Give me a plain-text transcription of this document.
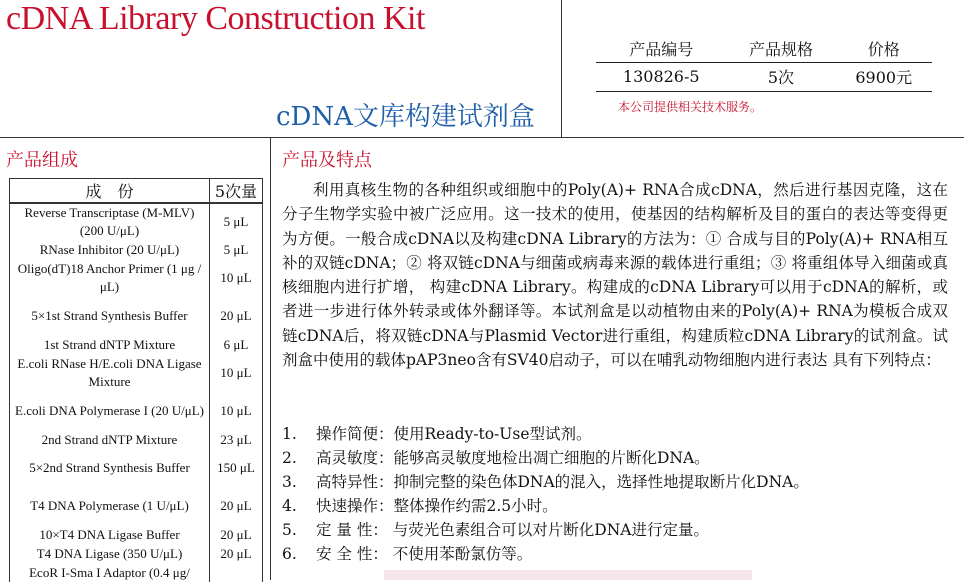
cDNA Library Construction Kit
cDNA文库构建试剂盒
产品编号	产品规格	价格
130826-5	5次	6900元
本公司提供相关技术服务。
产品组成	产品及特点
成　份	5次量
Reverse Transcriptase (M-MLV) (200 U/μL)	5 μL
RNase Inhibitor (20 U/μL)	5 μL
Oligo(dT)18 Anchor Primer (1 μg /μL)	10 μL
5×1st Strand Synthesis Buffer	20 μL
1st Strand dNTP Mixture	6 μL
E.coli RNase H/E.coli DNA Ligase Mixture	10 μL
E.coli DNA Polymerase I (20 U/μL)	10 μL
2nd Strand dNTP Mixture	23 μL
5×2nd Strand Synthesis Buffer	150 μL
T4 DNA Polymerase (1 U/μL)	20 μL
10×T4 DNA Ligase Buffer	20 μL
T4 DNA Ligase (350 U/μL)	20 μL
EcoR I-Sma I Adaptor (0.4 μg/	

利用真核生物的各种组织或细胞中的Poly(A)+ RNA合成cDNA，然后进行基因克隆，这在分子生物学实验中被广泛应用。这一技术的使用，使基因的结构解析及目的蛋白的表达等变得更为方便。一般合成cDNA以及构建cDNA Library的方法为：① 合成与目的Poly(A)+ RNA相互补的双链cDNA；② 将双链cDNA与细菌或病毒来源的载体进行重组；③ 将重组体导入细菌或真核细胞内进行扩增， 构建cDNA Library。构建成的cDNA Library可以用于cDNA的解析，或者进一步进行体外转录或体外翻译等。本试剂盒是以动植物由来的Poly(A)+ RNA为模板合成双链cDNA后，将双链cDNA与Plasmid Vector进行重组，构建质粒cDNA Library的试剂盒。试剂盒中使用的载体pAP3neo含有SV40启动子，可以在哺乳动物细胞内进行表达 具有下列特点：

1. 操作简便：使用Ready-to-Use型试剂。
2. 高灵敏度：能够高灵敏度地检出凋亡细胞的片断化DNA。
3. 高特异性：抑制完整的染色体DNA的混入，选择性地提取断片化DNA。
4. 快速操作：整体操作约需2.5小时。
5. 定 量 性： 与荧光色素组合可以对片断化DNA进行定量。
6. 安 全 性： 不使用苯酚氯仿等。
